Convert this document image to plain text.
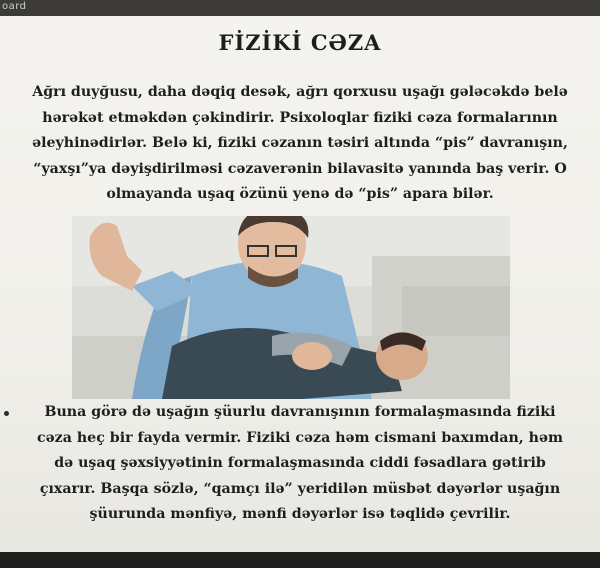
oard
FİZİKİ CƏZA
Ağrı duyğusu, daha dəqiq desək, ağrı qorxusu uşağı gələcəkdə belə
hərəkət etməkdən çəkindirir. Psixoloqlar fiziki cəza formalarının
əleyhinədirlər. Belə ki, fiziki cəzanın təsiri altında “pis” davranışın,
“yaxşı”ya dəyişdirilməsi cəzaverənin bilavasitə yanında baş verir. O
olmayanda uşaq özünü yenə də “pis” apara bilər.
Buna görə də uşağın şüurlu davranışının formalaşmasında fiziki
cəza heç bir fayda vermir. Fiziki cəza həm cismani baxımdan, həm
də uşaq şəxsiyyətinin formalaşmasında ciddi fəsadlara gətirib
çıxarır. Başqa sözlə, “qamçı ilə” yeridilən müsbət dəyərlər uşağın
şüurunda mənfiyə, mənfi dəyərlər isə təqlidə çevrilir.
